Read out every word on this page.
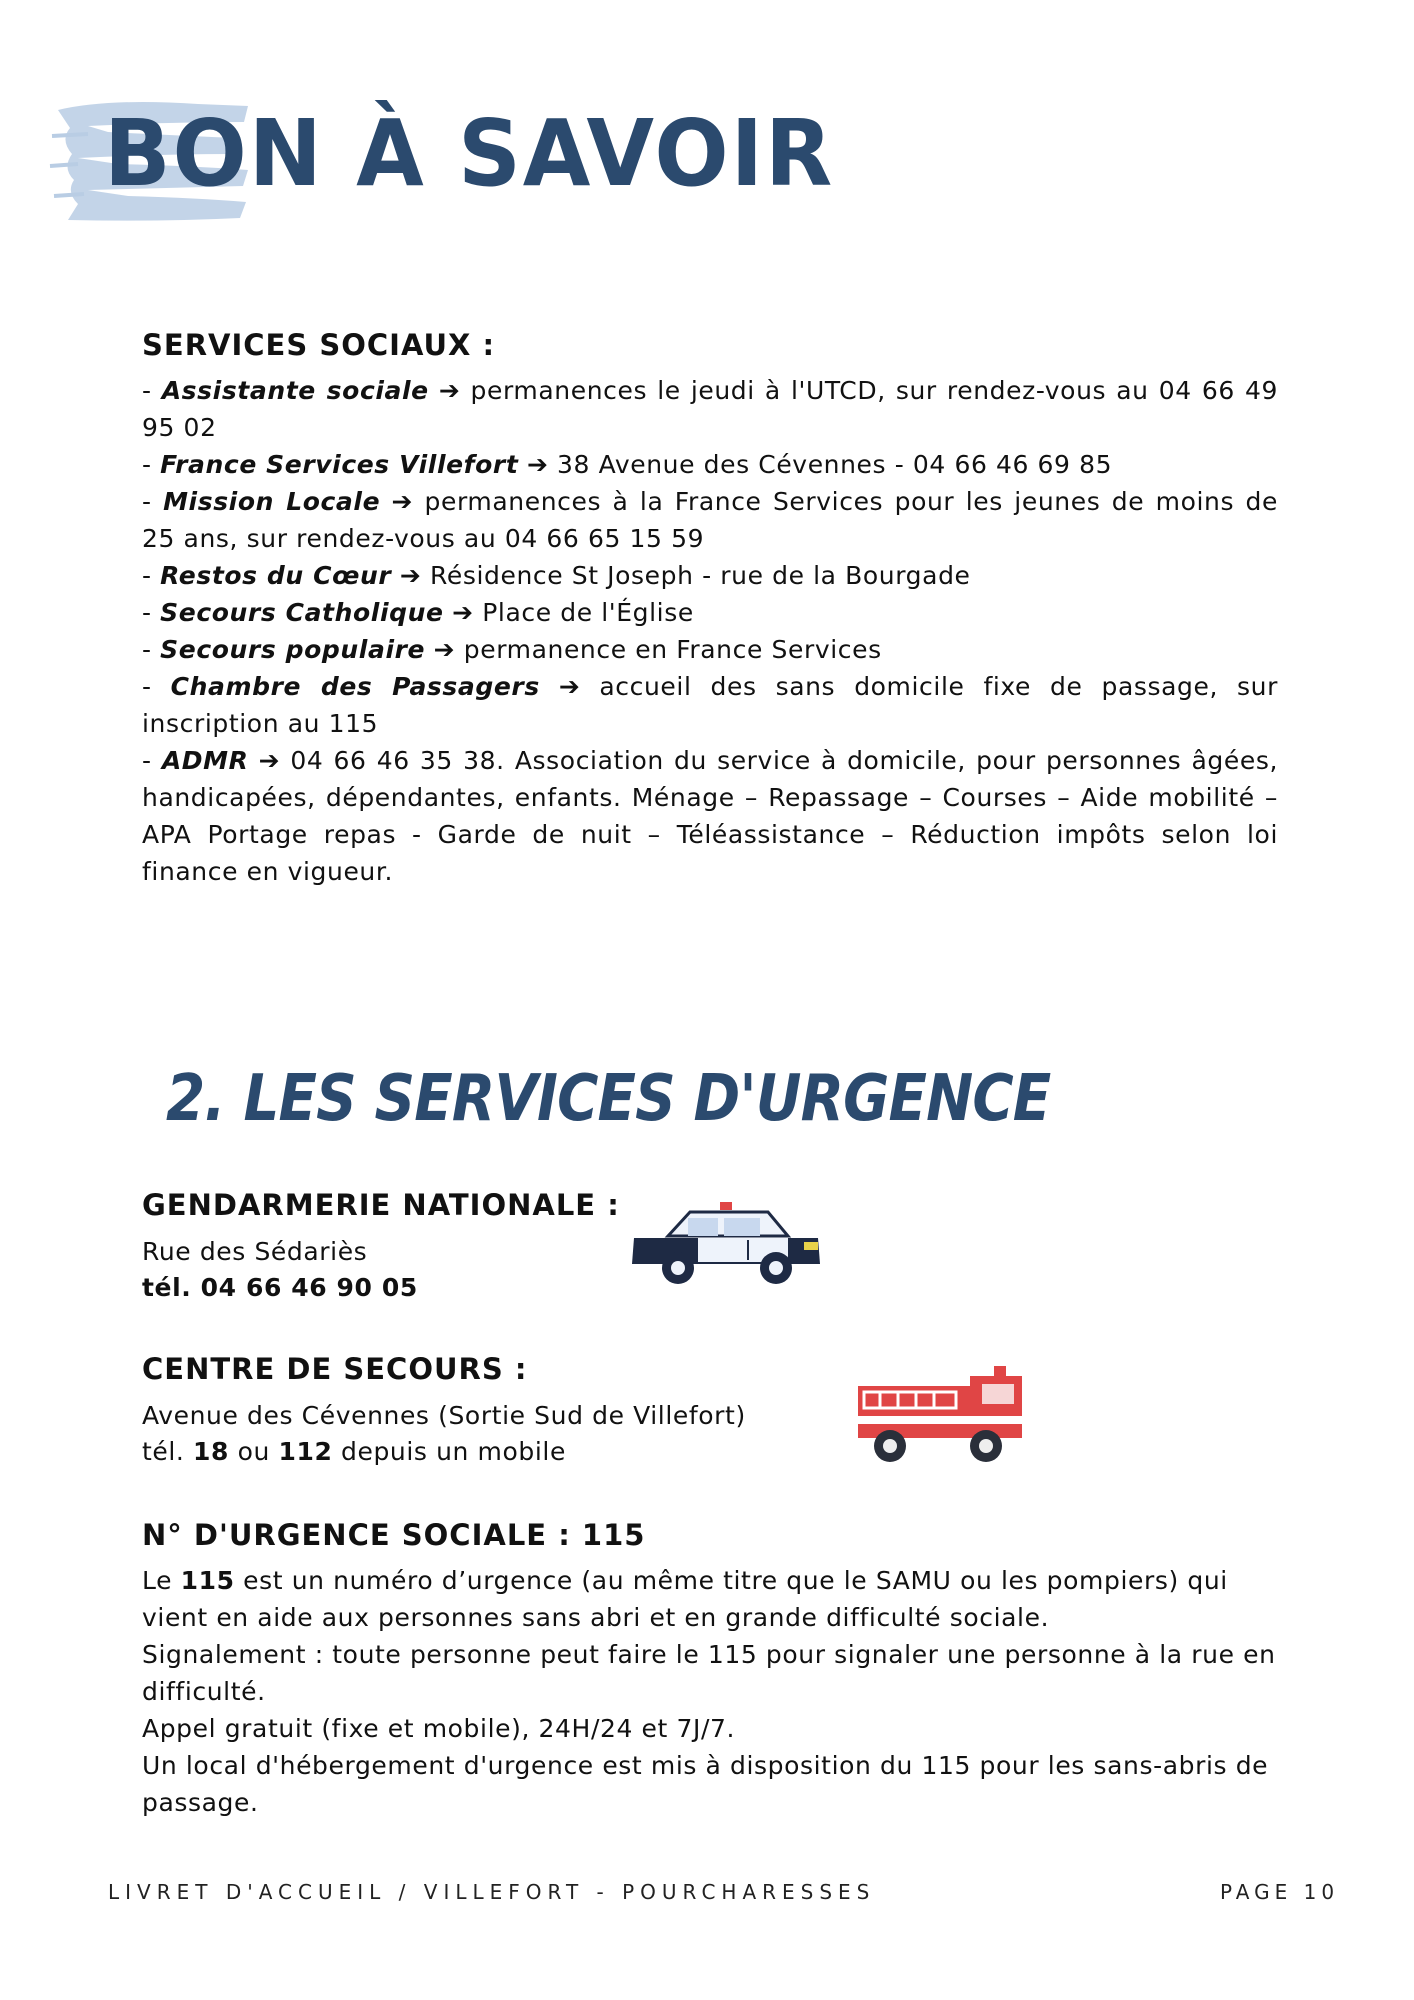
BON À SAVOIR
SERVICES SOCIAUX :

- Assistante sociale ➔ permanences le jeudi à l'UTCD, sur rendez-vous au 04 66 49 95 02
- France Services Villefort ➔ 38 Avenue des Cévennes - 04 66 46 69 85
- Mission Locale ➔ permanences à la France Services pour les jeunes de moins de 25 ans, sur rendez-vous au 04 66 65 15 59
- Restos du Cœur ➔ Résidence St Joseph - rue de la Bourgade
- Secours Catholique ➔ Place de l'Église
- Secours populaire ➔ permanence en France Services
- Chambre des Passagers ➔ accueil des sans domicile fixe de passage, sur inscription au 115
- ADMR ➔ 04 66 46 35 38. Association du service à domicile, pour personnes âgées, handicapées, dépendantes, enfants. Ménage – Repassage – Courses – Aide mobilité – APA Portage repas - Garde de nuit – Téléassistance – Réduction impôts selon loi finance en vigueur.

2. LES SERVICES D'URGENCE
GENDARMERIE NATIONALE :

Rue des Sédariès

tél. 04 66 46 90 05

CENTRE DE SECOURS :

Avenue des Cévennes (Sortie Sud de Villefort)

tél. 18 ou 112 depuis un mobile

N° D'URGENCE SOCIALE : 115

Le 115 est un numéro d’urgence (au même titre que le SAMU ou les pompiers) qui vient en aide aux personnes sans abri et en grande difficulté sociale.

Signalement : toute personne peut faire le 115 pour signaler une personne à la rue en difficulté.

Appel gratuit (fixe et mobile), 24H/24 et 7J/7.

Un local d'hébergement d'urgence est mis à disposition du 115 pour les sans-abris de passage.

LIVRET D'ACCUEIL / VILLEFORT - POURCHARESSES	PAGE 10
